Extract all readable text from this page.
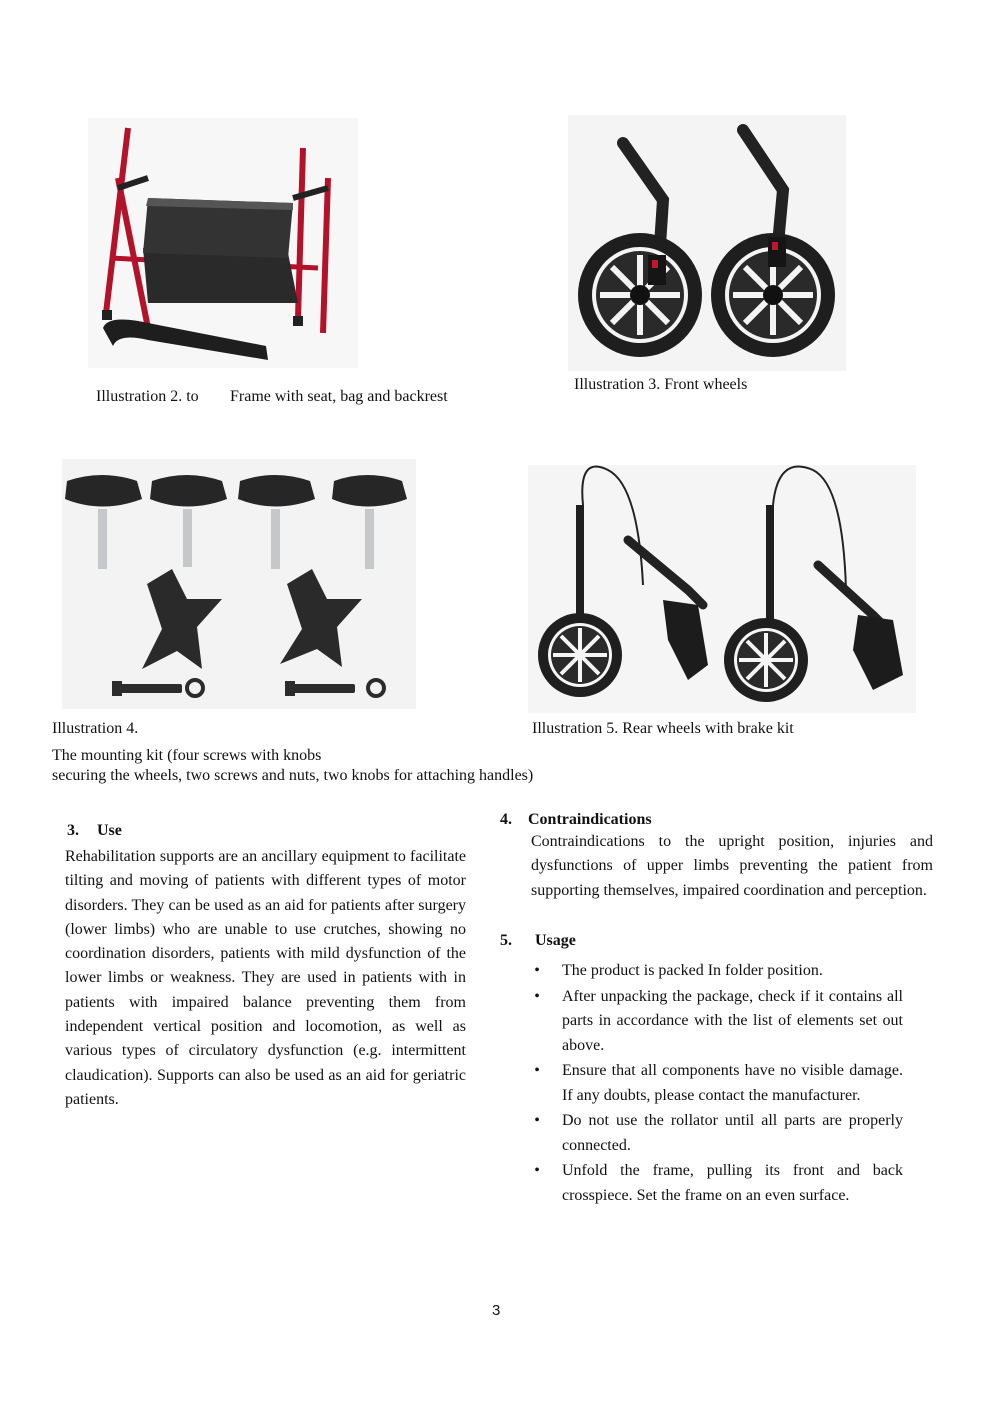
Illustration 2. to Frame with seat, bag and backrest
Illustration 3. Front wheels
Illustration 4.
The mounting kit (four screws with knobs
securing the wheels, two screws and nuts, two knobs for attaching handles)
Illustration 5. Rear wheels with brake kit
3. Use
Rehabilitation supports are an ancillary equipment to facilitate tilting and moving of patients with different types of motor disorders. They can be used as an aid for patients after surgery (lower limbs) who are unable to use crutches, showing no coordination disorders, patients with mild dysfunction of the lower limbs or weakness. They are used in patients with in patients with impaired balance preventing them from independent vertical position and locomotion, as well as various types of circulatory dysfunction (e.g. intermittent claudication). Supports can also be used as an aid for geriatric patients.
4. Contraindications
Contraindications to the upright position, injuries and dysfunctions of upper limbs preventing the patient from supporting themselves, impaired coordination and perception.
5. Usage
• The product is packed In folder position.
• After unpacking the package, check if it contains all parts in accordance with the list of elements set out above.
• Ensure that all components have no visible damage. If any doubts, please contact the manufacturer.
• Do not use the rollator until all parts are properly connected.
• Unfold the frame, pulling its front and back crosspiece. Set the frame on an even surface.
3
